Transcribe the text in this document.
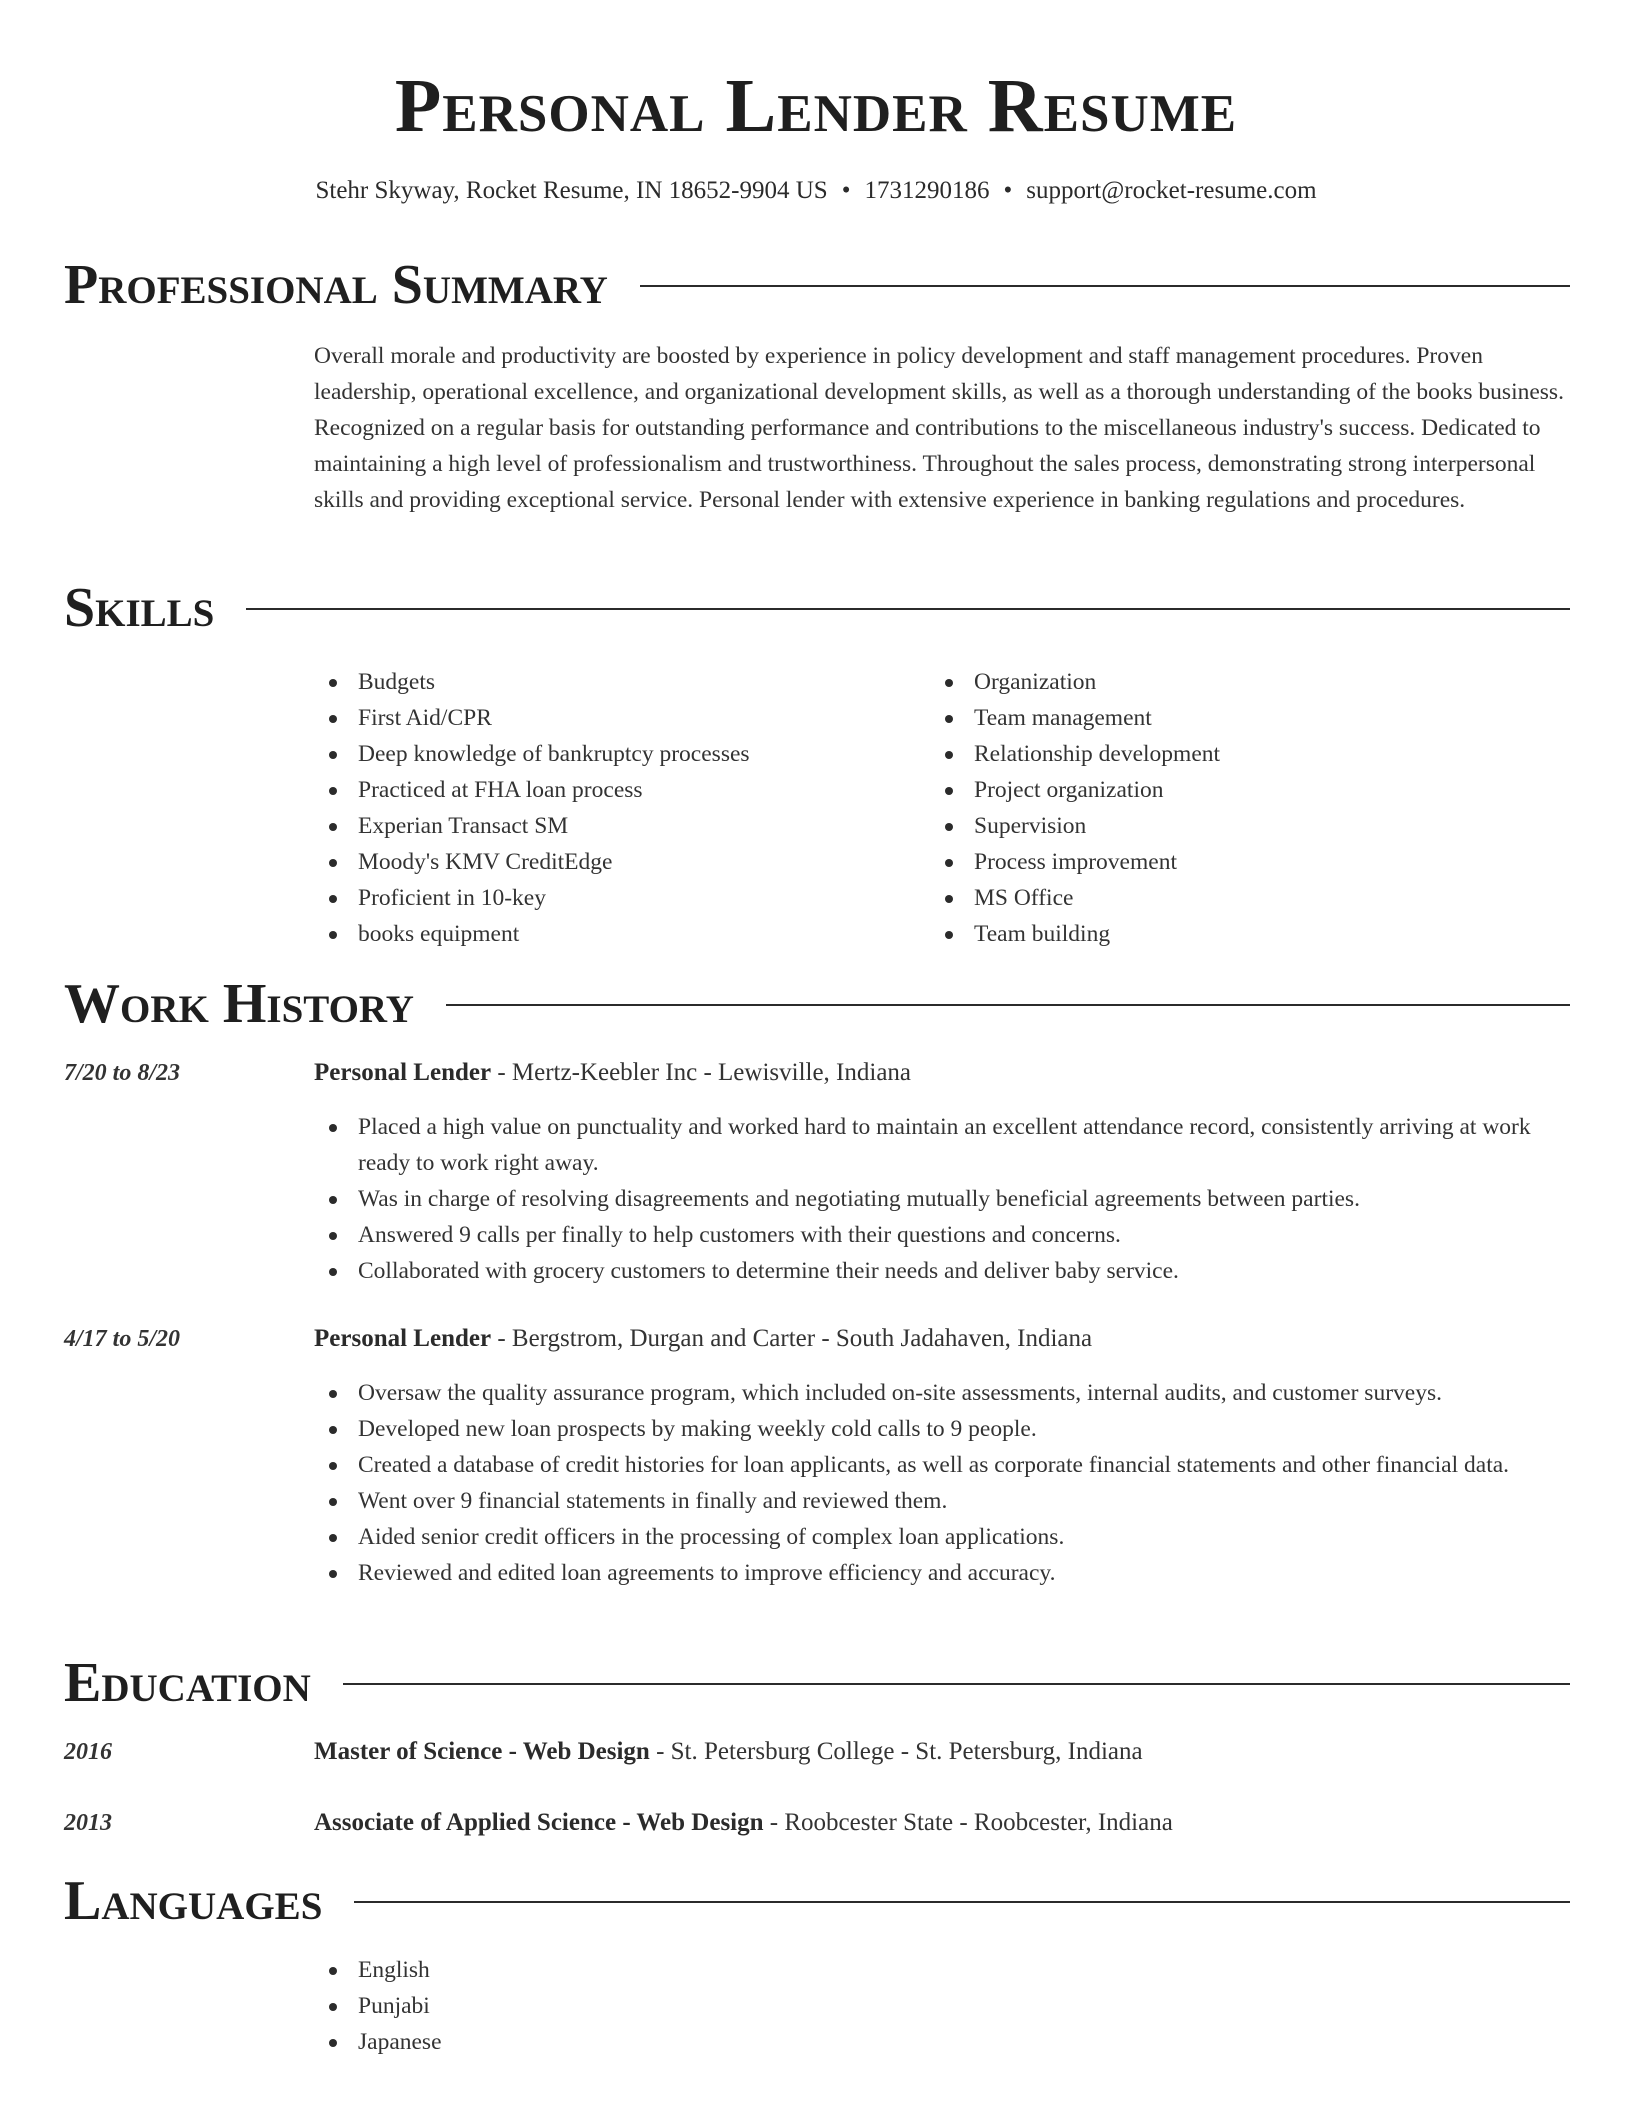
Personal Lender Resume
Stehr Skyway, Rocket Resume, IN 18652-9904 US • 1731290186 • support@rocket-resume.com
Professional Summary

Overall morale and productivity are boosted by experience in policy development and staff management procedures. Proven leadership, operational excellence, and organizational development skills, as well as a thorough understanding of the books business. Recognized on a regular basis for outstanding performance and contributions to the miscellaneous industry's success. Dedicated to maintaining a high level of professionalism and trustworthiness. Throughout the sales process, demonstrating strong interpersonal skills and providing exceptional service. Personal lender with extensive experience in banking regulations and procedures.

Skills
Budgets
First Aid/CPR
Deep knowledge of bankruptcy processes
Practiced at FHA loan process
Experian Transact SM
Moody's KMV CreditEdge
Proficient in 10-key
books equipment
Organization
Team management
Relationship development
Project organization
Supervision
Process improvement
MS Office
Team building
Work History
7/20 to 8/23	Personal Lender - Mertz-Keebler Inc - Lewisville, Indiana
Placed a high value on punctuality and worked hard to maintain an excellent attendance record, consistently arriving at work ready to work right away.
Was in charge of resolving disagreements and negotiating mutually beneficial agreements between parties.
Answered 9 calls per finally to help customers with their questions and concerns.
Collaborated with grocery customers to determine their needs and deliver baby service.
4/17 to 5/20	Personal Lender - Bergstrom, Durgan and Carter - South Jadahaven, Indiana
Oversaw the quality assurance program, which included on-site assessments, internal audits, and customer surveys.
Developed new loan prospects by making weekly cold calls to 9 people.
Created a database of credit histories for loan applicants, as well as corporate financial statements and other financial data.
Went over 9 financial statements in finally and reviewed them.
Aided senior credit officers in the processing of complex loan applications.
Reviewed and edited loan agreements to improve efficiency and accuracy.
Education
2016	Master of Science - Web Design - St. Petersburg College - St. Petersburg, Indiana
2013	Associate of Applied Science - Web Design - Roobcester State - Roobcester, Indiana
Languages
English
Punjabi
Japanese
